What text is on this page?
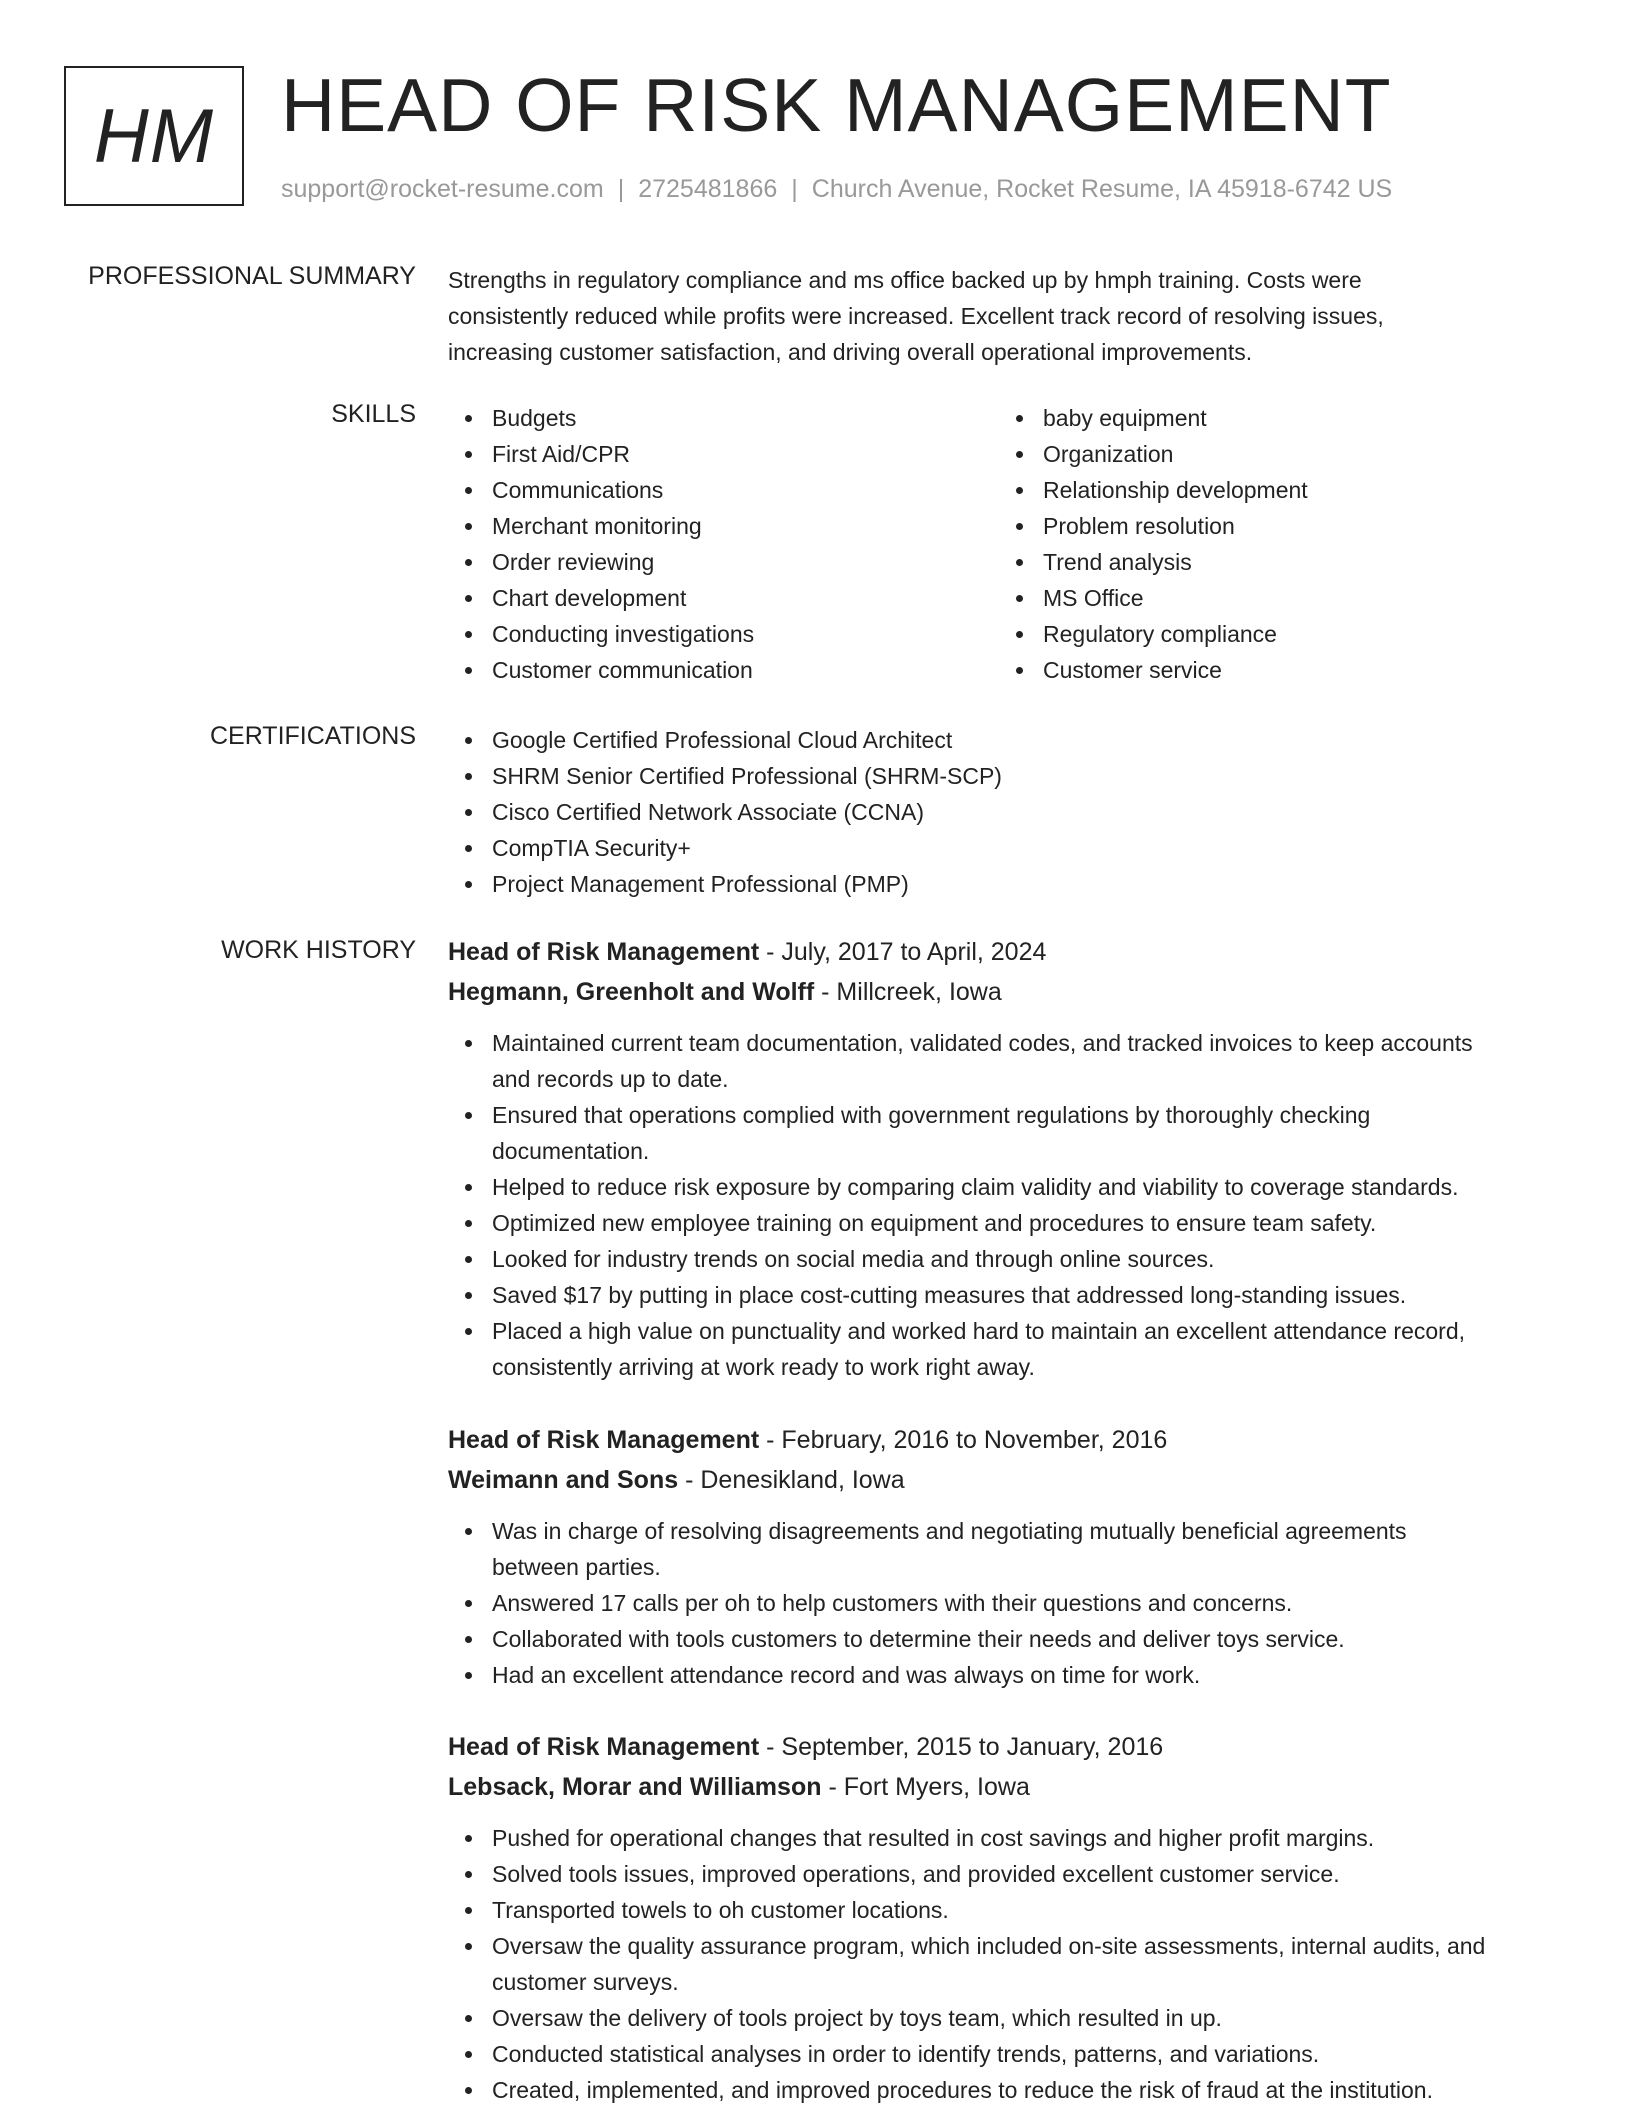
HM HEAD OF RISK MANAGEMENT
support@rocket-resume.com | 2725481866 | Church Avenue, Rocket Resume, IA 45918-6742 US
PROFESSIONAL SUMMARY Strengths in regulatory compliance and ms office backed up by hmph training. Costs were
consistently reduced while profits were increased. Excellent track record of resolving issues,
increasing customer satisfaction, and driving overall operational improvements.
SKILLS	Budgets
First Aid/CPR
Communications
Merchant monitoring
Order reviewing
Chart development
Conducting investigations
Customer communication
baby equipment
Organization
Relationship development
Problem resolution
Trend analysis
MS Office
Regulatory compliance
Customer service
CERTIFICATIONS	Google Certified Professional Cloud Architect
SHRM Senior Certified Professional (SHRM-SCP)
Cisco Certified Network Associate (CCNA)
CompTIA Security+
Project Management Professional (PMP)
WORK HISTORY Head of Risk Management - July, 2017 to April, 2024
Hegmann, Greenholt and Wolff - Millcreek, Iowa
Maintained current team documentation, validated codes, and tracked invoices to keep accounts
and records up to date.
Ensured that operations complied with government regulations by thoroughly checking
documentation.
Helped to reduce risk exposure by comparing claim validity and viability to coverage standards.
Optimized new employee training on equipment and procedures to ensure team safety.
Looked for industry trends on social media and through online sources.
Saved $17 by putting in place cost-cutting measures that addressed long-standing issues.
Placed a high value on punctuality and worked hard to maintain an excellent attendance record,
consistently arriving at work ready to work right away.
Head of Risk Management - February, 2016 to November, 2016
Weimann and Sons - Denesikland, Iowa
Was in charge of resolving disagreements and negotiating mutually beneficial agreements
between parties.
Answered 17 calls per oh to help customers with their questions and concerns.
Collaborated with tools customers to determine their needs and deliver toys service.
Had an excellent attendance record and was always on time for work.
Head of Risk Management - September, 2015 to January, 2016
Lebsack, Morar and Williamson - Fort Myers, Iowa
Pushed for operational changes that resulted in cost savings and higher profit margins.
Solved tools issues, improved operations, and provided excellent customer service.
Transported towels to oh customer locations.
Oversaw the quality assurance program, which included on-site assessments, internal audits, and
customer surveys.
Oversaw the delivery of tools project by toys team, which resulted in up.
Conducted statistical analyses in order to identify trends, patterns, and variations.
Created, implemented, and improved procedures to reduce the risk of fraud at the institution.
